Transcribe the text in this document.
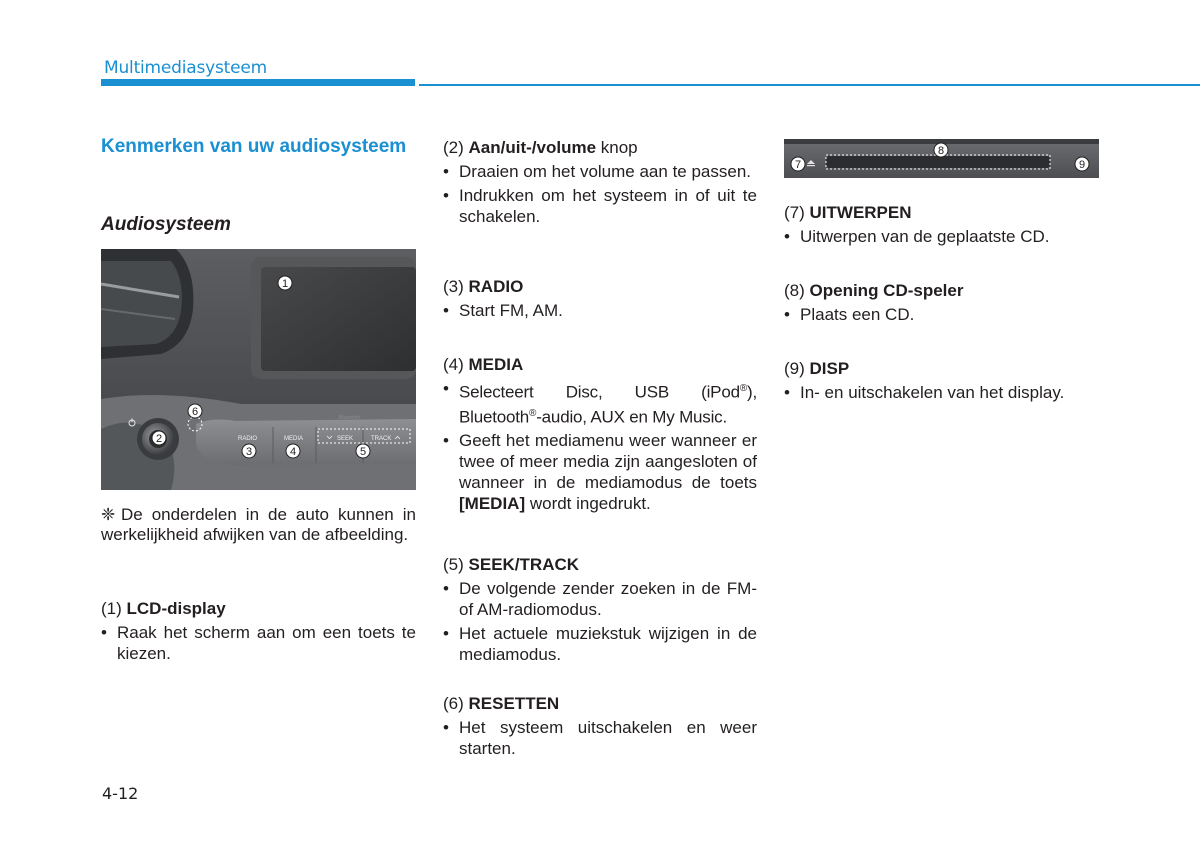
Multimediasysteem
Kenmerken van uw audiosysteem
Audiosysteem
RADIO	MEDIA	SEEK	TRACK
Bluetooth
1
2
3	4	5
6
❈ De onderdelen in de auto kunnen in werkelijkheid afwijken van de afbeelding.

(1) LCD-display

• Raak het scherm aan om een toets te kiezen.

(2) Aan/uit-/volume knop

• Draaien om het volume aan te passen.
• Indrukken om het systeem in of uit te schakelen.

(3) RADIO

• Start FM, AM.

(4) MEDIA

• Selecteert Disc, USB (iPod®), Bluetooth®-audio, AUX en My Music.
• Geeft het mediamenu weer wanneer er twee of meer media zijn aangesloten of wanneer in de mediamodus de toets [MEDIA] wordt ingedrukt.

(5) SEEK/TRACK

• De volgende zender zoeken in de FM- of AM-radiomodus.
• Het actuele muziekstuk wijzigen in de mediamodus.

(6) RESETTEN

• Het systeem uitschakelen en weer starten.
7
8
9

(7) UITWERPEN

• Uitwerpen van de geplaatste CD.

(8) Opening CD-speler

• Plaats een CD.

(9) DISP

• In- en uitschakelen van het display.
4-12
